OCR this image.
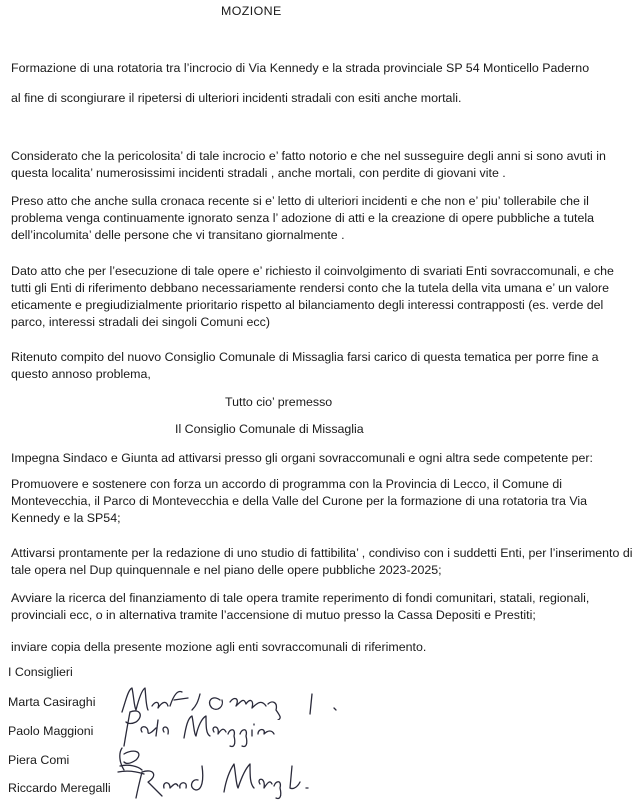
MOZIONE

Formazione di una rotatoria tra l’incrocio di Via Kennedy e la strada provinciale SP 54 Monticello Paderno

al fine di scongiurare il ripetersi di ulteriori incidenti stradali con esiti anche mortali.

Considerato che la pericolosita’ di tale incrocio e’ fatto notorio e che nel susseguire degli anni si sono avuti in questa localita’ numerosissimi incidenti stradali , anche mortali, con perdite di giovani vite .

Preso atto che anche sulla cronaca recente si e’ letto di ulteriori incidenti e che non e’ piu’ tollerabile che il problema venga continuamente ignorato senza l’ adozione di atti e la creazione di opere pubbliche a tutela dell’incolumita’ delle persone che vi transitano giornalmente .

Dato atto che per l’esecuzione di tale opere e’ richiesto il coinvolgimento di svariati Enti sovraccomunali, e che tutti gli Enti di riferimento debbano necessariamente rendersi conto che la tutela della vita umana e’ un valore eticamente e pregiudizialmente prioritario rispetto al bilanciamento degli interessi contrapposti (es. verde del parco, interessi stradali dei singoli Comuni ecc)

Ritenuto compito del nuovo Consiglio Comunale di Missaglia farsi carico di questa tematica per porre fine a questo annoso problema,

Tutto cio’ premesso
Il Consiglio Comunale di Missaglia

Impegna Sindaco e Giunta ad attivarsi presso gli organi sovraccomunali e ogni altra sede competente per:

Promuovere e sostenere con forza un accordo di programma con la Provincia di Lecco, il Comune di Montevecchia, il Parco di Montevecchia e della Valle del Curone per la formazione di una rotatoria tra Via Kennedy e la SP54;

Attivarsi prontamente per la redazione di uno studio di fattibilita’ , condiviso con i suddetti Enti, per l’inserimento di tale opera nel Dup quinquennale e nel piano delle opere pubbliche 2023-2025;

Avviare la ricerca del finanziamento di tale opera tramite reperimento di fondi comunitari, statali, regionali, provinciali ecc, o in alternativa tramite l’accensione di mutuo presso la Cassa Depositi e Prestiti;

inviare copia della presente mozione agli enti sovraccomunali di riferimento.

I Consiglieri
Marta Casiraghi
Paolo Maggioni
Piera Comi
Riccardo Meregalli
